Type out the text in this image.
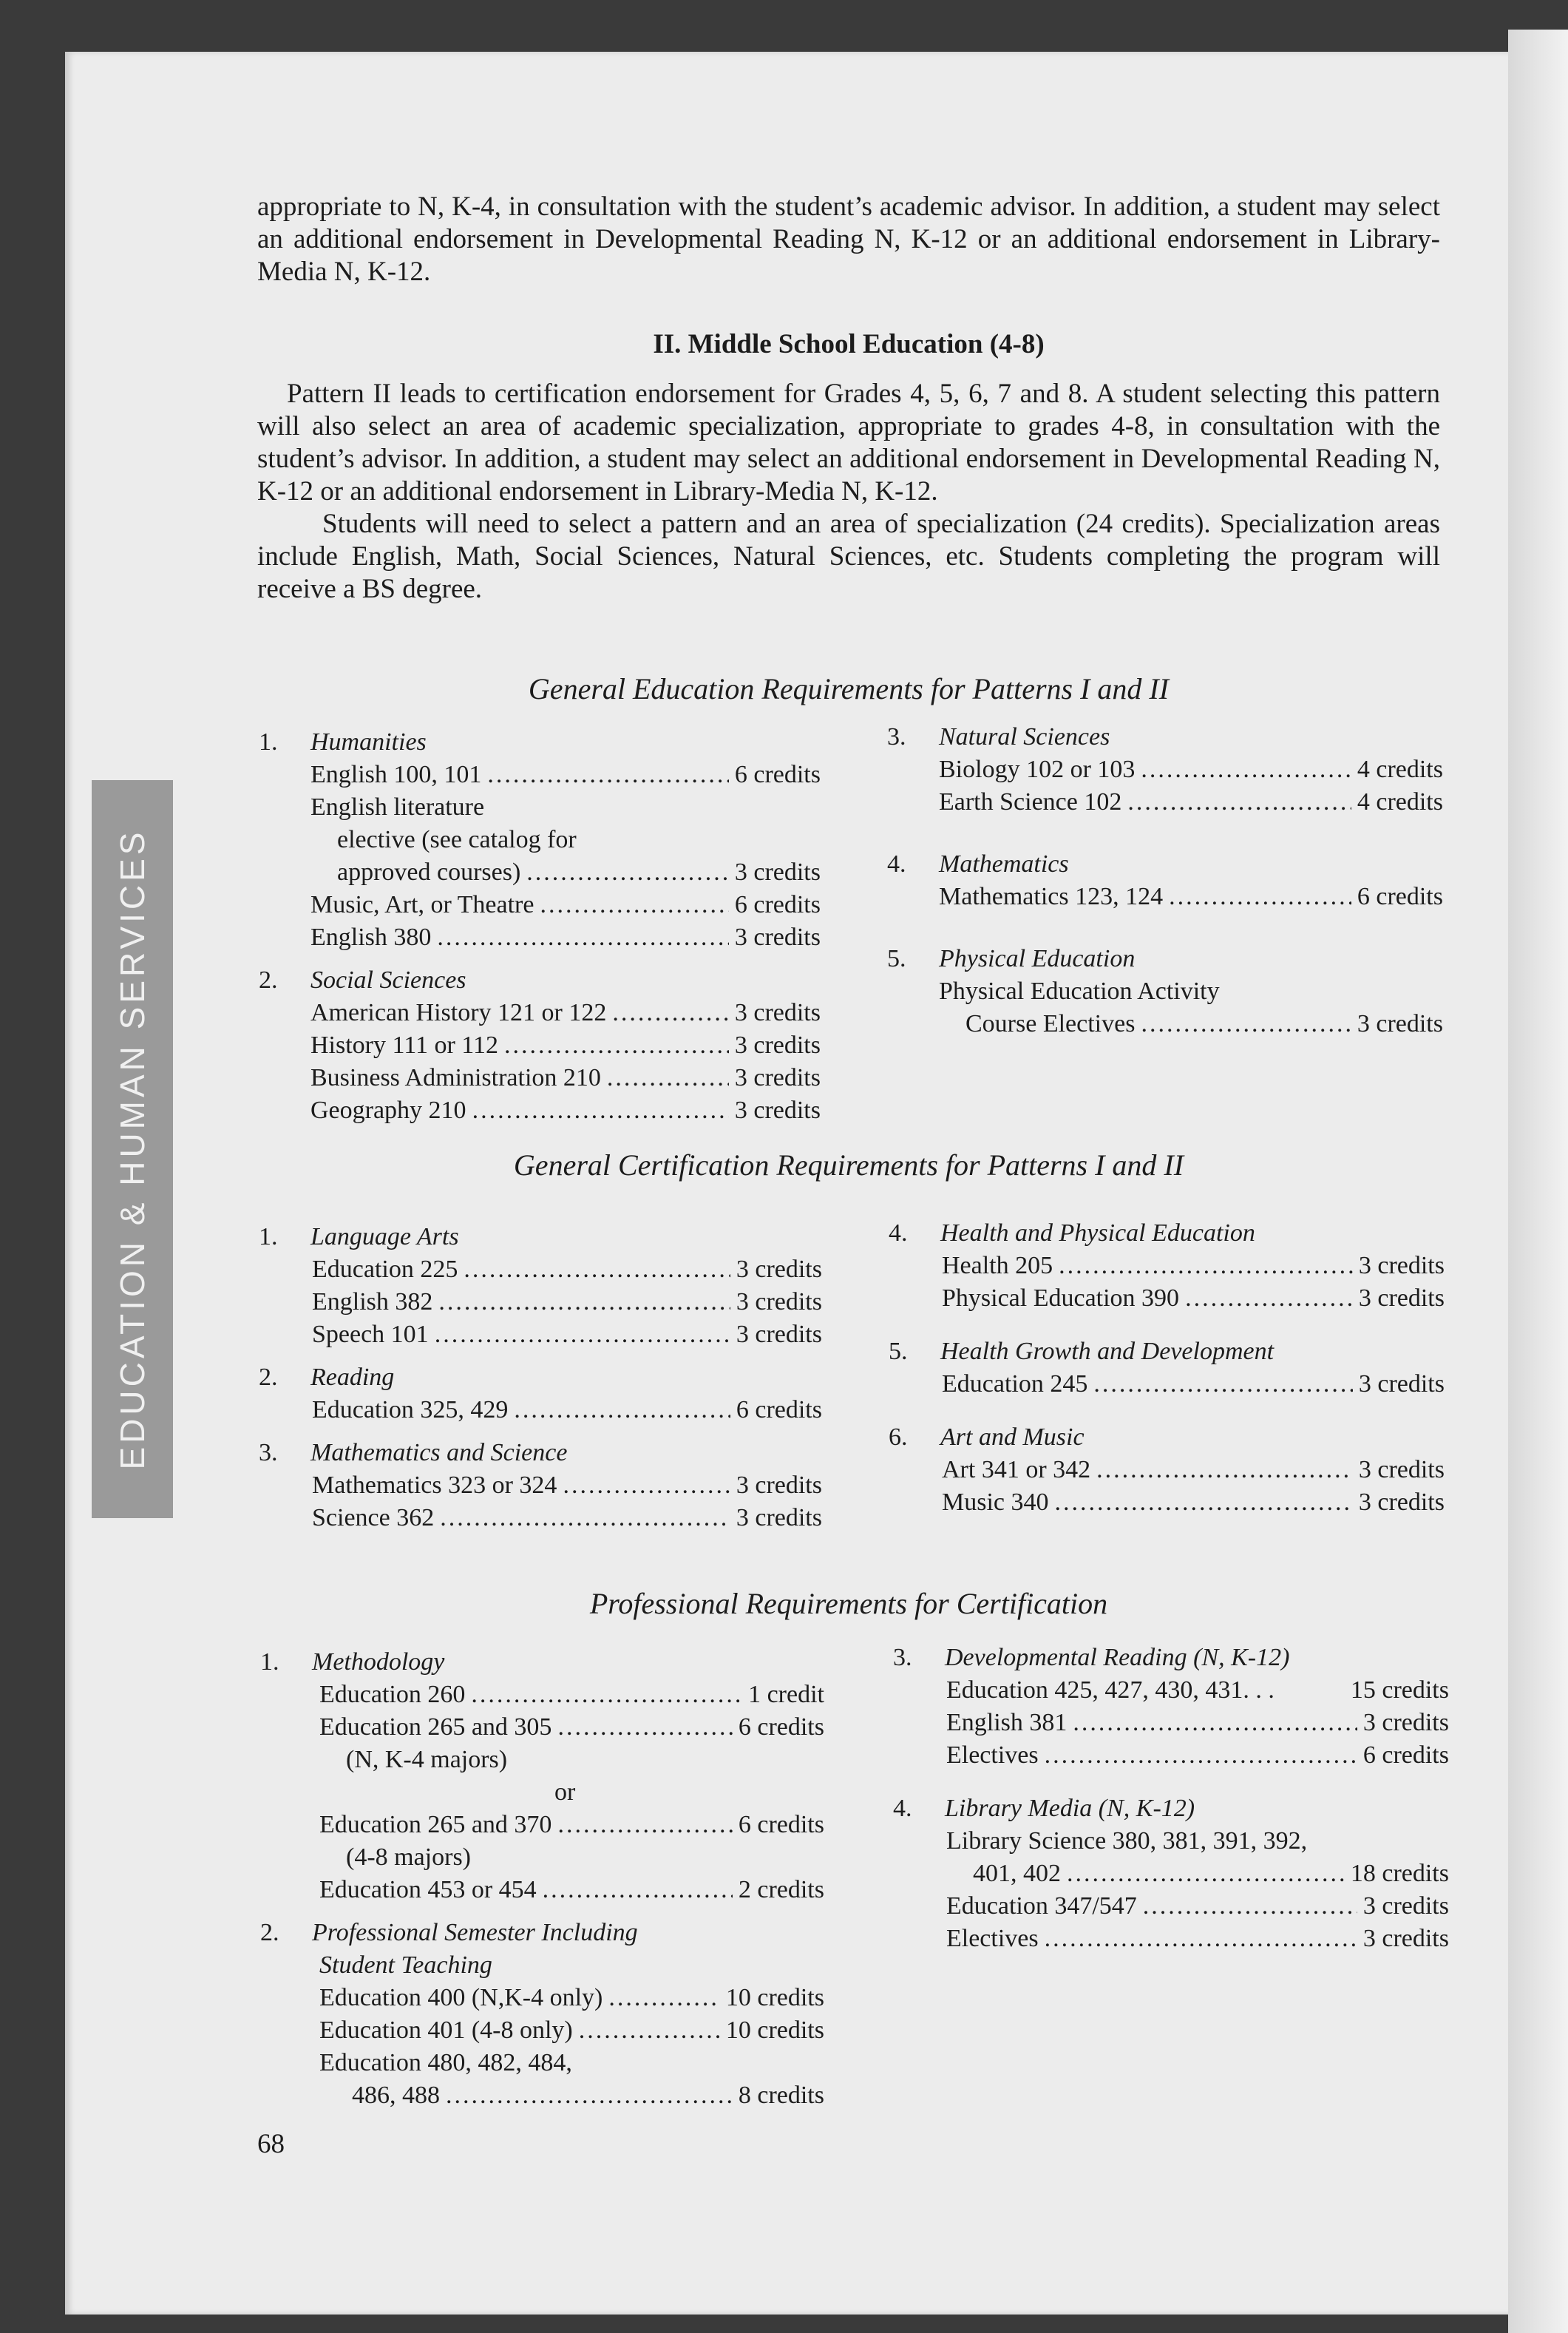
EDUCATION & HUMAN SERVICES

appropriate to N, K-4, in consultation with the student’s academic advisor. In addition, a student may select an additional endorsement in Developmental Reading N, K-12 or an additional endorsement in Library-Media N, K-12.

II. Middle School Education (4-8)

Pattern II leads to certification endorsement for Grades 4, 5, 6, 7 and 8. A student selecting this pattern will also select an area of academic specialization, appropriate to grades 4-8, in consultation with the student’s advisor. In addition, a student may select an additional endorsement in Developmental Reading N, K-12 or an additional endorsement in Library-Media N, K-12.

Students will need to select a pattern and an area of specialization (24 credits). Specialization areas include English, Math, Social Sciences, Natural Sciences, etc. Students completing the program will receive a BS degree.

General Education Requirements for Patterns I and II
1.	Humanities
English 100, 101 .....	6 credits
English literature
elective (see catalog for
approved courses) .....	3 credits
Music, Art, or Theatre .....	6 credits
English 380 .....	3 credits
2.	Social Sciences
American History 121 or 122 .....	3 credits
History 111 or 112 .....	3 credits
Business Administration 210 .....	3 credits
Geography 210 .....	3 credits
3.	Natural Sciences
Biology 102 or 103 .....	4 credits
Earth Science 102 .....	4 credits
4.	Mathematics
Mathematics 123, 124 .....	6 credits
5.	Physical Education
Physical Education Activity
Course Electives .....	3 credits
General Certification Requirements for Patterns I and II
1.	Language Arts
Education 225 .....	3 credits
English 382 .....	3 credits
Speech 101 .....	3 credits
2.	Reading
Education 325, 429 .....	6 credits
3.	Mathematics and Science
Mathematics 323 or 324 .....	3 credits
Science 362 .....	3 credits
4.	Health and Physical Education
Health 205 .....	3 credits
Physical Education 390 .....	3 credits
5.	Health Growth and Development
Education 245 .....	3 credits
6.	Art and Music
Art 341 or 342 .....	3 credits
Music 340 .....	3 credits
Professional Requirements for Certification
1.	Methodology
Education 260 .....	1 credit
Education 265 and 305 .....	6 credits
(N, K-4 majors)
or
Education 265 and 370 .....	6 credits
(4-8 majors)
Education 453 or 454 .....	2 credits
2.	Professional Semester Including
Student Teaching
Education 400 (N,K-4 only) .....	10 credits
Education 401 (4-8 only) .....	10 credits
Education 480, 482, 484,
486, 488 .....	8 credits
3.	Developmental Reading (N, K-12)
Education 425, 427, 430, 431. . .	15 credits
English 381 .....	3 credits
Electives .....	6 credits
4.	Library Media (N, K-12)
Library Science 380, 381, 391, 392,
401, 402 .....	18 credits
Education 347/547 .....	3 credits
Electives .....	3 credits
68
